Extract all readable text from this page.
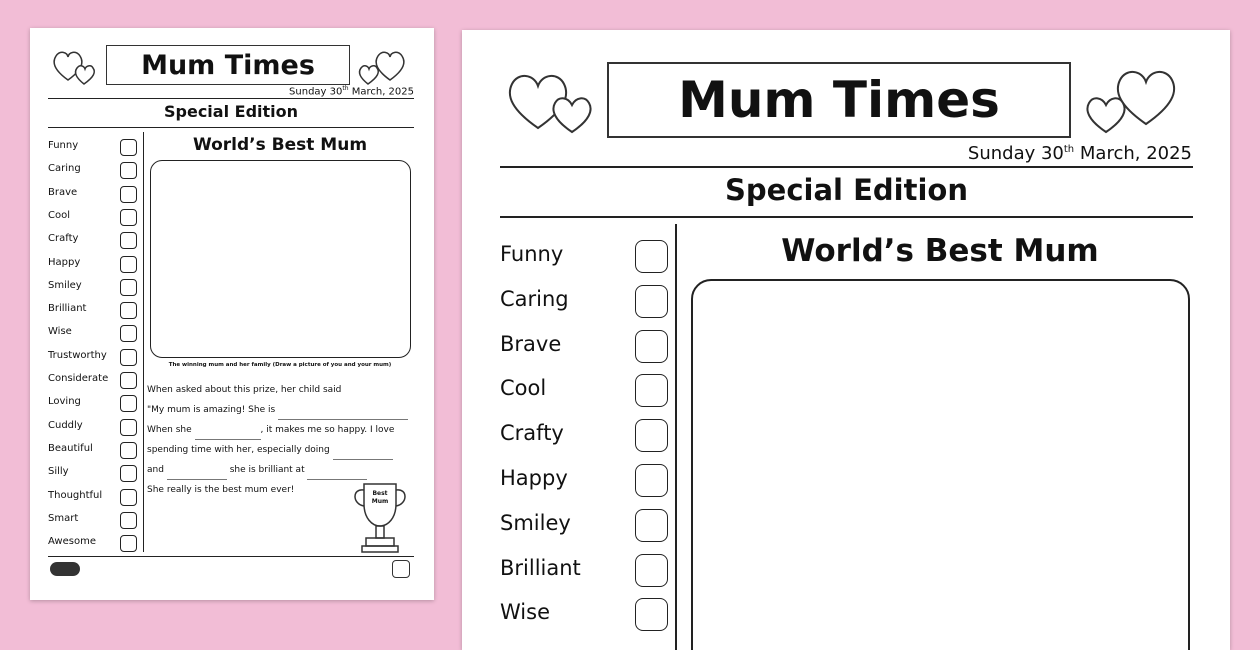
Mum Times
Sunday 30th March, 2025
Special Edition
Funny
Caring
Brave
Cool
Crafty
Happy
Smiley
Brilliant
Wise
Trustworthy
Considerate
Loving
Cuddly
Beautiful
Silly
Thoughtful
Smart
Awesome
World’s Best Mum
The winning mum and her family (Draw a picture of you and your mum)
When asked about this prize, her child said
"My mum is amazing! She is
When she	, it makes me so happy. I love
spending time with her, especially doing
and	she is brilliant at
She really is the best mum ever!	Best Mum
Mum Times
Sunday 30th March, 2025
Special Edition
Funny
Caring
Brave
Cool
Crafty
Happy
Smiley
Brilliant
Wise
World’s Best Mum
